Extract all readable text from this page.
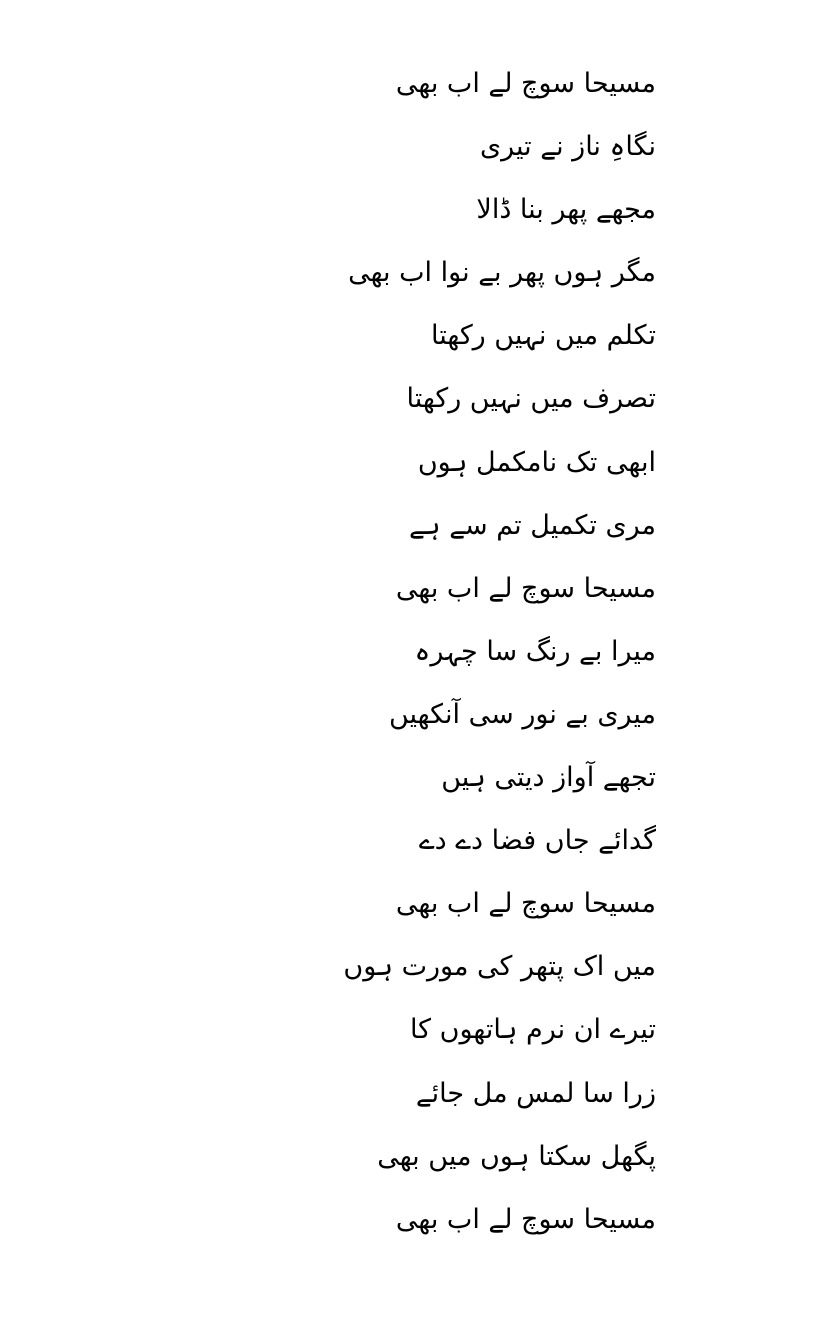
مسیحا سوچ لے اب بھی
نگاہِ ناز نے تیری
مجھے پھر بنا ڈالا
مگر ہوں پھر بے نوا اب بھی
تکلم میں نہیں رکھتا
تصرف میں نہیں رکھتا
ابھی تک نامکمل ہوں
مری تکمیل تم سے ہے
مسیحا سوچ لے اب بھی
میرا بے رنگ سا چہرہ
میری بے نور سی آنکھیں
تجھے آواز دیتی ہیں
گدائے جاں فضا دے دے
مسیحا سوچ لے اب بھی
میں اک پتھر کی مورت ہوں
تیرے ان نرم ہاتھوں کا
زرا سا لمس مل جائے
پگھل سکتا ہوں میں بھی
مسیحا سوچ لے اب بھی
